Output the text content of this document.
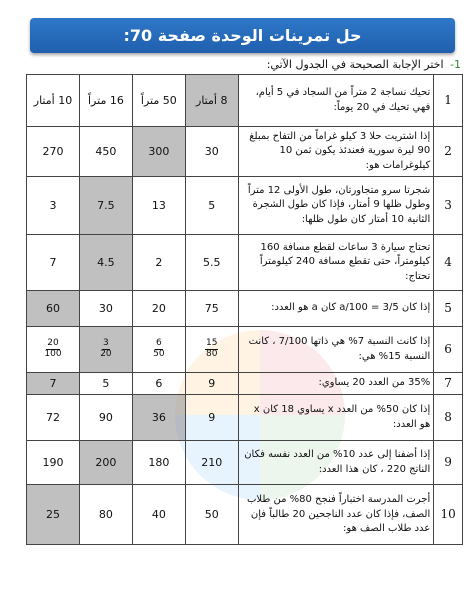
حل تمرينات الوحدة صفحة 70:
1- اختر الإجابة الصحيحة في الجدول الآتي:
1	تحيك نساجة 2 متراً من السجاد في 5 أيام، فهي تحيك في 20 يوماً:	8 أمتار	50 متراً	16 متراً	10 أمتار
2	إذا اشتريت حلا 3 كيلو غراماً من التفاح بمبلغ 90 ليرة سورية فعندئذ يكون ثمن 10 كيلوغرامات هو:	30	300	450	270
3	شجرتا سرو متجاورتان، طول الأولى 12 متراً وطول ظلها 9 أمتار، فإذا كان طول الشجرة الثانية 10 أمتار كان طول ظلها:	5	13	7.5	3
4	تحتاج سيارة 3 ساعات لقطع مسافة 160 كيلومتراً، حتى تقطع مسافة 240 كيلومتراً تحتاج:	5.5	2	4.5	7
5	إذا كان 3/5 = a/100 كان a هو العدد:	75	20	30	60
6	إذا كانت النسبة 7% هي ذاتها 7/100 ، كانت النسبة 15% هي:	$\frac{15}{80}$	$\frac{6}{50}$	$\frac{3}{20}$	$\frac{20}{100}$

7	35% من العدد 20 يساوي:	9	6	5	7
8	إذا كان 50% من العدد x يساوي 18 كان x هو العدد:	9	36	90	72
9	إذا أضفنا إلى عدد 10% من العدد نفسه فكان الناتج 220 ، كان هذا العدد:	210	180	200	190
10	أجرت المدرسة اختباراً فنجح 80% من طلاب الصف، فإذا كان عدد الناجحين 20 طالباً فإن عدد طلاب الصف هو:	50	40	80	25
